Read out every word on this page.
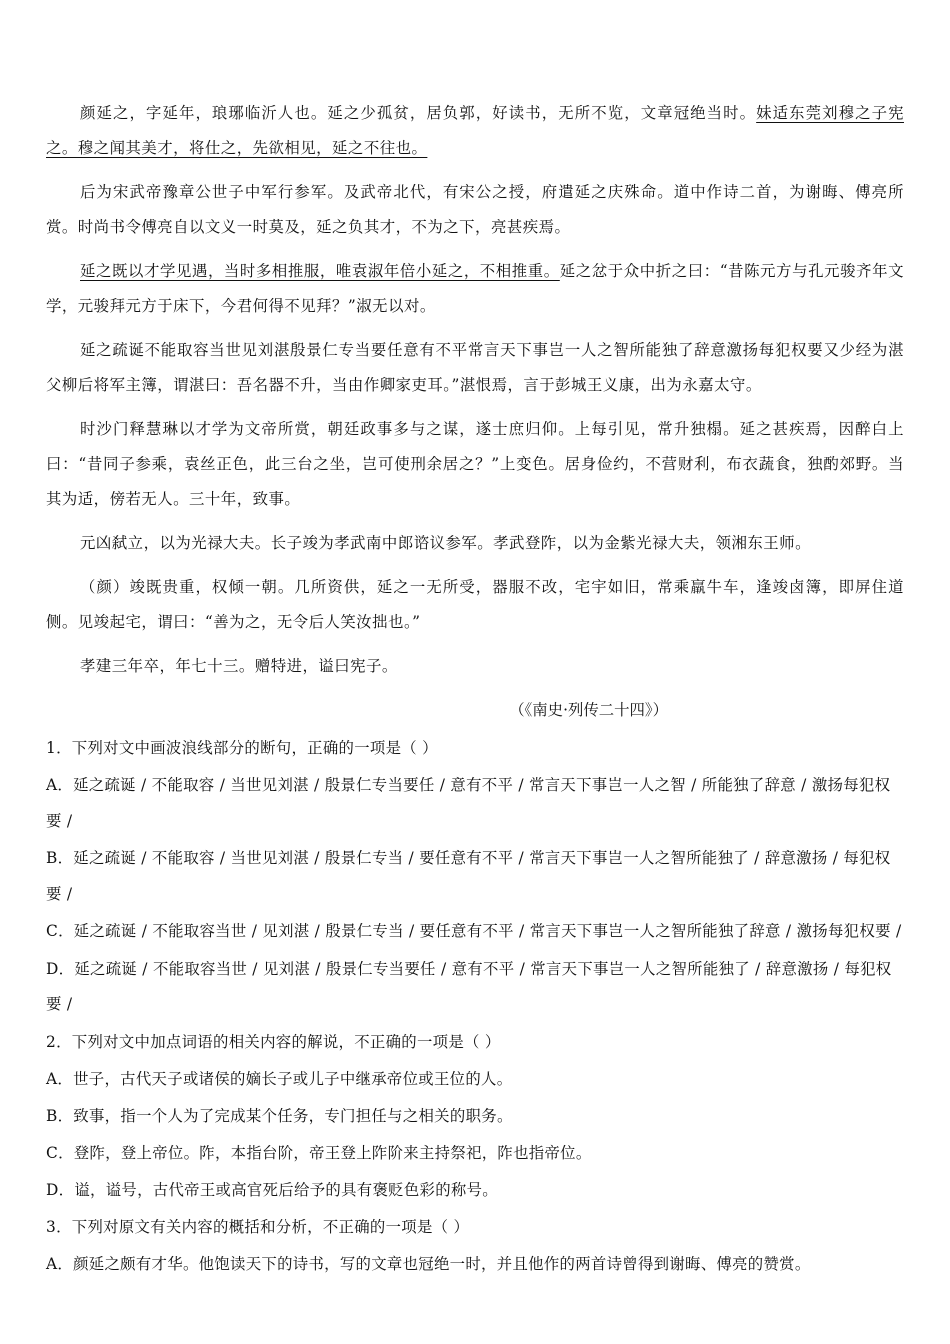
颜延之，字延年，琅琊临沂人也。延之少孤贫，居负郭，好读书，无所不览，文章冠绝当时。妹适东莞刘穆之子宪之。穆之闻其美才，将仕之，先欲相见，延之不往也。

后为宋武帝豫章公世子中军行参军。及武帝北代，有宋公之授，府遣延之庆殊命。道中作诗二首，为谢晦、傅亮所赏。时尚书令傅亮自以文义一时莫及，延之负其才，不为之下，亮甚疾焉。

延之既以才学见遇，当时多相推服，唯袁淑年倍小延之，不相推重。延之忿于众中折之曰：“昔陈元方与孔元骏齐年文学，元骏拜元方于床下，今君何得不见拜？”淑无以对。

延之疏诞不能取容当世见刘湛殷景仁专当要任意有不平常言天下事岂一人之智所能独了辞意激扬每犯权要又少经为湛父柳后将军主簿，谓湛曰：吾名器不升，当由作卿家吏耳。”湛恨焉，言于彭城王义康，出为永嘉太守。

时沙门释慧琳以才学为文帝所赏，朝廷政事多与之谋，遂士庶归仰。上每引见，常升独榻。延之甚疾焉，因醉白上曰：“昔同子参乘，袁丝正色，此三台之坐，岂可使刑余居之？”上变色。居身俭约，不营财利，布衣蔬食，独酌郊野。当其为适，傍若无人。三十年，致事。

元凶弑立，以为光禄大夫。长子竣为孝武南中郎谘议参军。孝武登阼，以为金紫光禄大夫，领湘东王师。

（颜）竣既贵重，权倾一朝。几所资供，延之一无所受，器服不改，宅宇如旧，常乘羸牛车，逢竣卤簿，即屏住道侧。见竣起宅，谓曰：“善为之，无令后人笑汝拙也。”

孝建三年卒，年七十三。赠特进，谥曰宪子。

（《南史·列传二十四》）

1．下列对文中画波浪线部分的断句，正确的一项是（ ）

A．延之疏诞 / 不能取容 / 当世见刘湛 / 殷景仁专当要任 / 意有不平 / 常言天下事岂一人之智 / 所能独了辞意 / 激扬每犯权要 /

B．延之疏诞 / 不能取容 / 当世见刘湛 / 殷景仁专当 / 要任意有不平 / 常言天下事岂一人之智所能独了 / 辞意激扬 / 每犯权要 /

C．延之疏诞 / 不能取容当世 / 见刘湛 / 殷景仁专当 / 要任意有不平 / 常言天下事岂一人之智所能独了辞意 / 激扬每犯权要 /

D．延之疏诞 / 不能取容当世 / 见刘湛 / 殷景仁专当要任 / 意有不平 / 常言天下事岂一人之智所能独了 / 辞意激扬 / 每犯权要 /

2．下列对文中加点词语的相关内容的解说，不正确的一项是（ ）

A．世子，古代天子或诸侯的嫡长子或儿子中继承帝位或王位的人。

B．致事，指一个人为了完成某个任务，专门担任与之相关的职务。

C．登阼，登上帝位。阼，本指台阶，帝王登上阼阶来主持祭祀，阼也指帝位。

D．谥，谥号，古代帝王或高官死后给予的具有褒贬色彩的称号。

3．下列对原文有关内容的概括和分析，不正确的一项是（ ）

A．颜延之颇有才华。他饱读天下的诗书，写的文章也冠绝一时，并且他作的两首诗曾得到谢晦、傅亮的赞赏。
